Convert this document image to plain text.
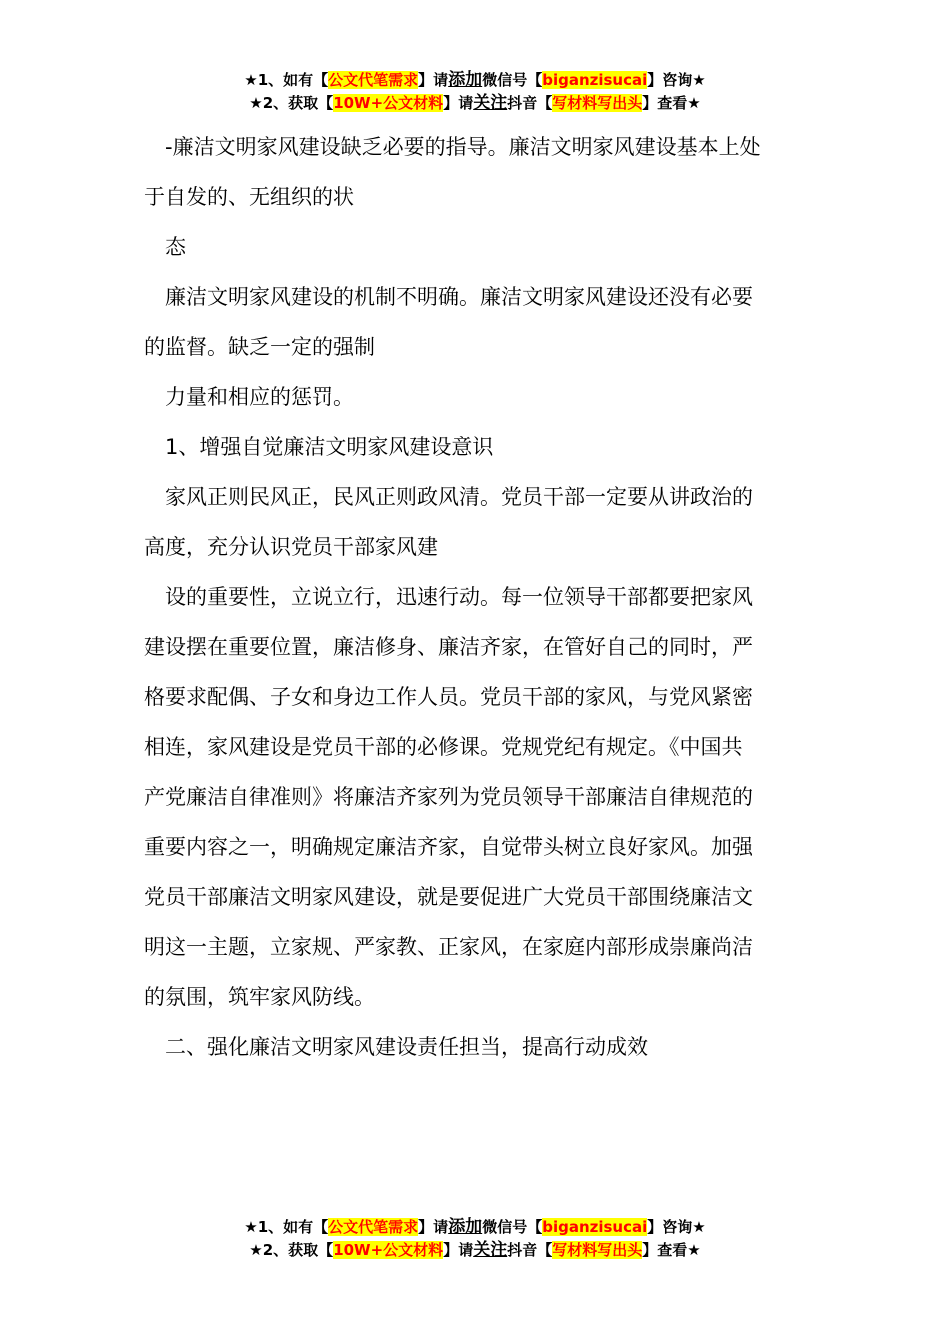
★1、如有【公文代笔需求】请添加微信号【biganzisucai】咨询★
★2、获取【10W+公文材料】请关注抖音【写材料写出头】查看★

-廉洁文明家风建设缺乏必要的指导。廉洁文明家风建设基本上处

于自发的、无组织的状

态

廉洁文明家风建设的机制不明确。廉洁文明家风建设还没有必要

的监督。缺乏一定的强制

力量和相应的惩罚。

1、增强自觉廉洁文明家风建设意识

家风正则民风正，民风正则政风清。党员干部一定要从讲政治的

高度，充分认识党员干部家风建

设的重要性，立说立行，迅速行动。每一位领导干部都要把家风

建设摆在重要位置，廉洁修身、廉洁齐家，在管好自己的同时，严

格要求配偶、子女和身边工作人员。党员干部的家风，与党风紧密

相连，家风建设是党员干部的必修课。党规党纪有规定。《中国共

产党廉洁自律准则》将廉洁齐家列为党员领导干部廉洁自律规范的

重要内容之一，明确规定廉洁齐家，自觉带头树立良好家风。加强

党员干部廉洁文明家风建设，就是要促进广大党员干部围绕廉洁文

明这一主题，立家规、严家教、正家风，在家庭内部形成崇廉尚洁

的氛围，筑牢家风防线。

二、强化廉洁文明家风建设责任担当，提高行动成效

★1、如有【公文代笔需求】请添加微信号【biganzisucai】咨询★
★2、获取【10W+公文材料】请关注抖音【写材料写出头】查看★
